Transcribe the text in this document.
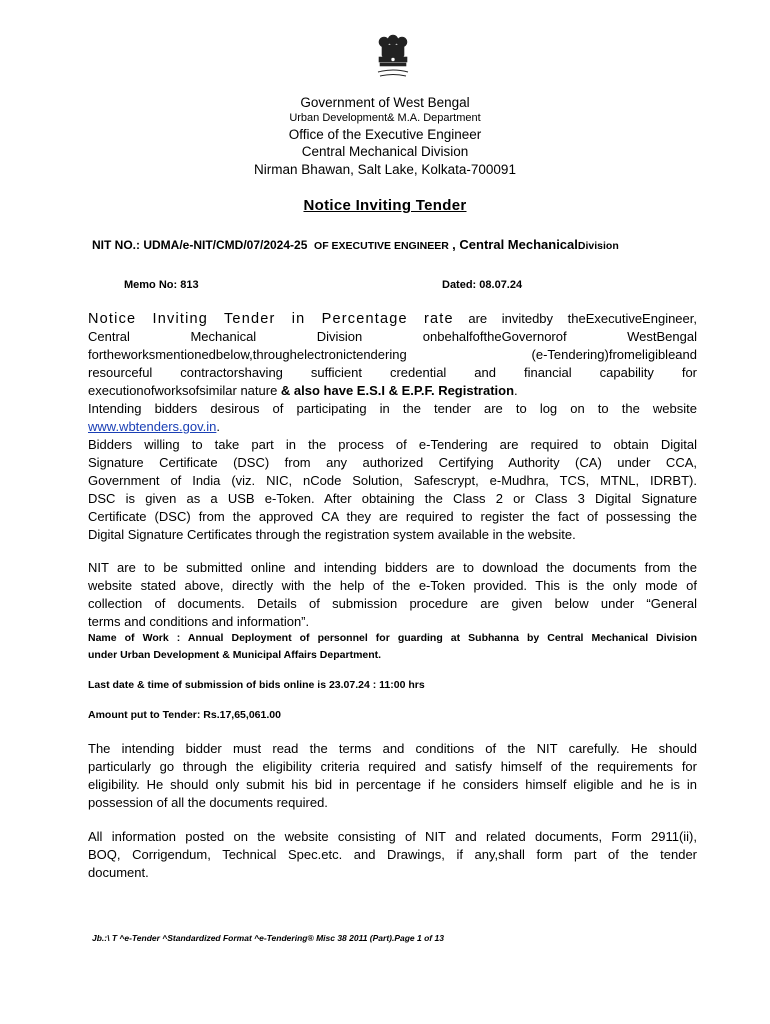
Government of West Bengal
Urban Development& M.A. Department
Office of the Executive Engineer
Central Mechanical Division
Nirman Bhawan, Salt Lake, Kolkata-700091
Notice Inviting Tender
NIT NO.: UDMA/e-NIT/CMD/07/2024-25 OF EXECUTIVE ENGINEER , Central MechanicalDivision
Memo No: 813	Dated: 08.07.24
Notice Inviting Tender in Percentage rate are invitedby theExecutiveEngineer,
Central Mechanical Division onbehalfoftheGovernorof WestBengal
fortheworksmentionedbelow,throughelectronictendering (e-Tendering)fromeligibleand
resourceful contractorshaving sufficient credential and financial capability for
executionofworksofsimilar nature & also have E.S.I & E.P.F. Registration.
Intending bidders desirous of participating in the tender are to log on to the website
www.wbtenders.gov.in.
Bidders willing to take part in the process of e-Tendering are required to obtain Digital
Signature Certificate (DSC) from any authorized Certifying Authority (CA) under CCA,
Government of India (viz. NIC, nCode Solution, Safescrypt, e-Mudhra, TCS, MTNL, IDRBT).
DSC is given as a USB e-Token. After obtaining the Class 2 or Class 3 Digital Signature
Certificate (DSC) from the approved CA they are required to register the fact of possessing the
Digital Signature Certificates through the registration system available in the website.
NIT are to be submitted online and intending bidders are to download the documents from the
website stated above, directly with the help of the e-Token provided. This is the only mode of
collection of documents. Details of submission procedure are given below under “General
terms and conditions and information”.
Name of Work : Annual Deployment of personnel for guarding at Subhanna by Central Mechanical Division
under Urban Development & Municipal Affairs Department.
Last date & time of submission of bids online is 23.07.24 : 11:00 hrs
Amount put to Tender: Rs.17,65,061.00
The intending bidder must read the terms and conditions of the NIT carefully. He should
particularly go through the eligibility criteria required and satisfy himself of the requirements for
eligibility. He should only submit his bid in percentage if he considers himself eligible and he is in
possession of all the documents required.
All information posted on the website consisting of NIT and related documents, Form 2911(ii),
BOQ, Corrigendum, Technical Spec.etc. and Drawings, if any,shall form part of the tender
document.
Jb.:\ T ^e-Tender ^Standardized Format ^e-Tendering® Misc 38 2011 (Part).Page 1 of 13
